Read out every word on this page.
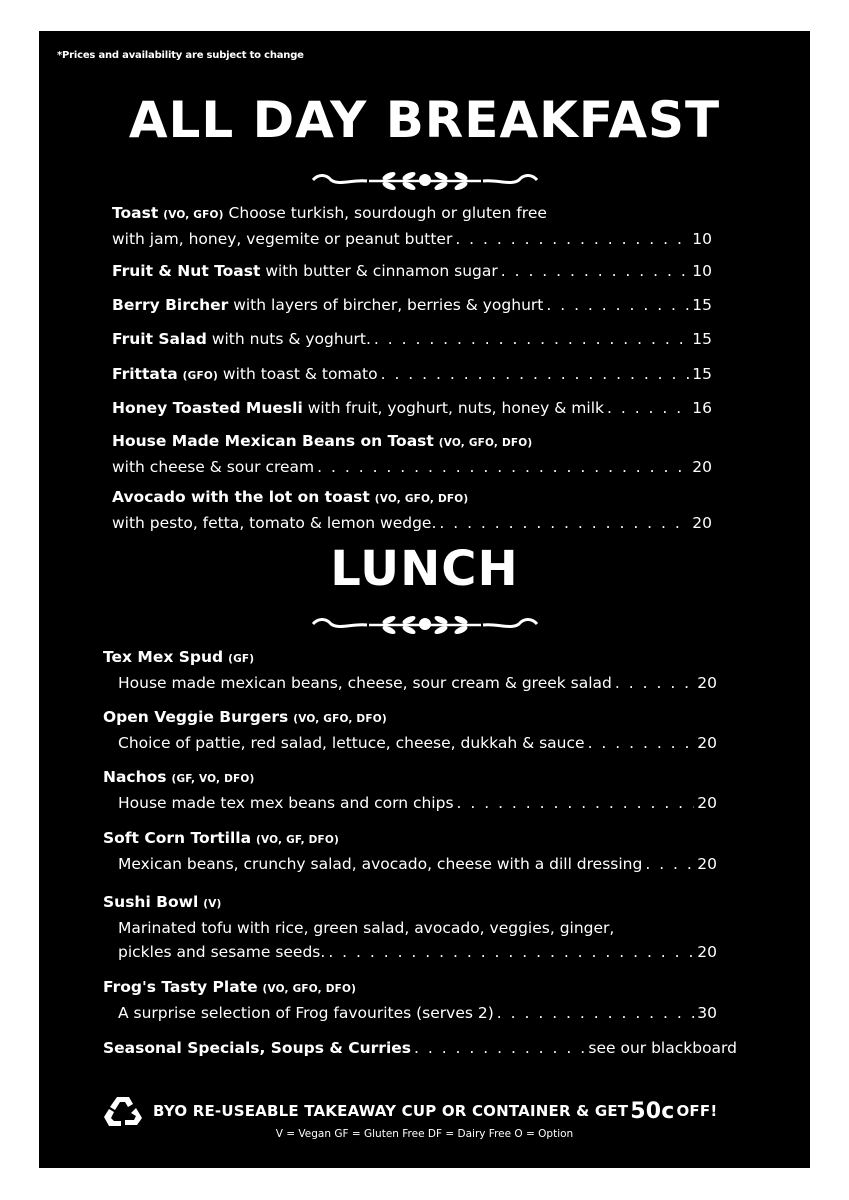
*Prices and availability are subject to change
ALL DAY BREAKFAST
Toast
(VO, GFO)
Choose turkish, sourdough or gluten free
with jam, honey, vegemite or peanut butter . . .	10
Fruit & Nut Toast
with butter & cinnamon sugar . . .	10
Berry Bircher
with layers of bircher, berries & yoghurt . . .	15
Fruit Salad
with nuts & yoghurt. . . .	15
Frittata
(GFO)
with toast & tomato . . .	15
Honey Toasted Muesli
with fruit, yoghurt, nuts, honey & milk . . .	16
House Made Mexican Beans on Toast
(VO, GFO, DFO)
with cheese & sour cream . . .	20
Avocado with the lot on toast
(VO, GFO, DFO)
with pesto, fetta, tomato & lemon wedge. . . .	20
LUNCH
Tex Mex Spud
(GF)
House made mexican beans, cheese, sour cream & greek salad . . .	20
Open Veggie Burgers
(VO, GFO, DFO)
Choice of pattie, red salad, lettuce, cheese, dukkah & sauce . . .	20
Nachos
(GF, VO, DFO)
House made tex mex beans and corn chips . . .	20
Soft Corn Tortilla
(VO, GF, DFO)
Mexican beans, crunchy salad, avocado, cheese with a dill dressing . . .	20
Sushi Bowl
(V)
Marinated tofu with rice, green salad, avocado, veggies, ginger,
pickles and sesame seeds. . . .	20
Frog's Tasty Plate
(VO, GFO, DFO)
A surprise selection of Frog favourites (serves 2) . . .	30
Seasonal Specials, Soups & Curries . . .	see our blackboard
BYO RE-USEABLE TAKEAWAY CUP OR CONTAINER & GET 50c OFF!
V = Vegan GF = Gluten Free DF = Dairy Free O = Option
